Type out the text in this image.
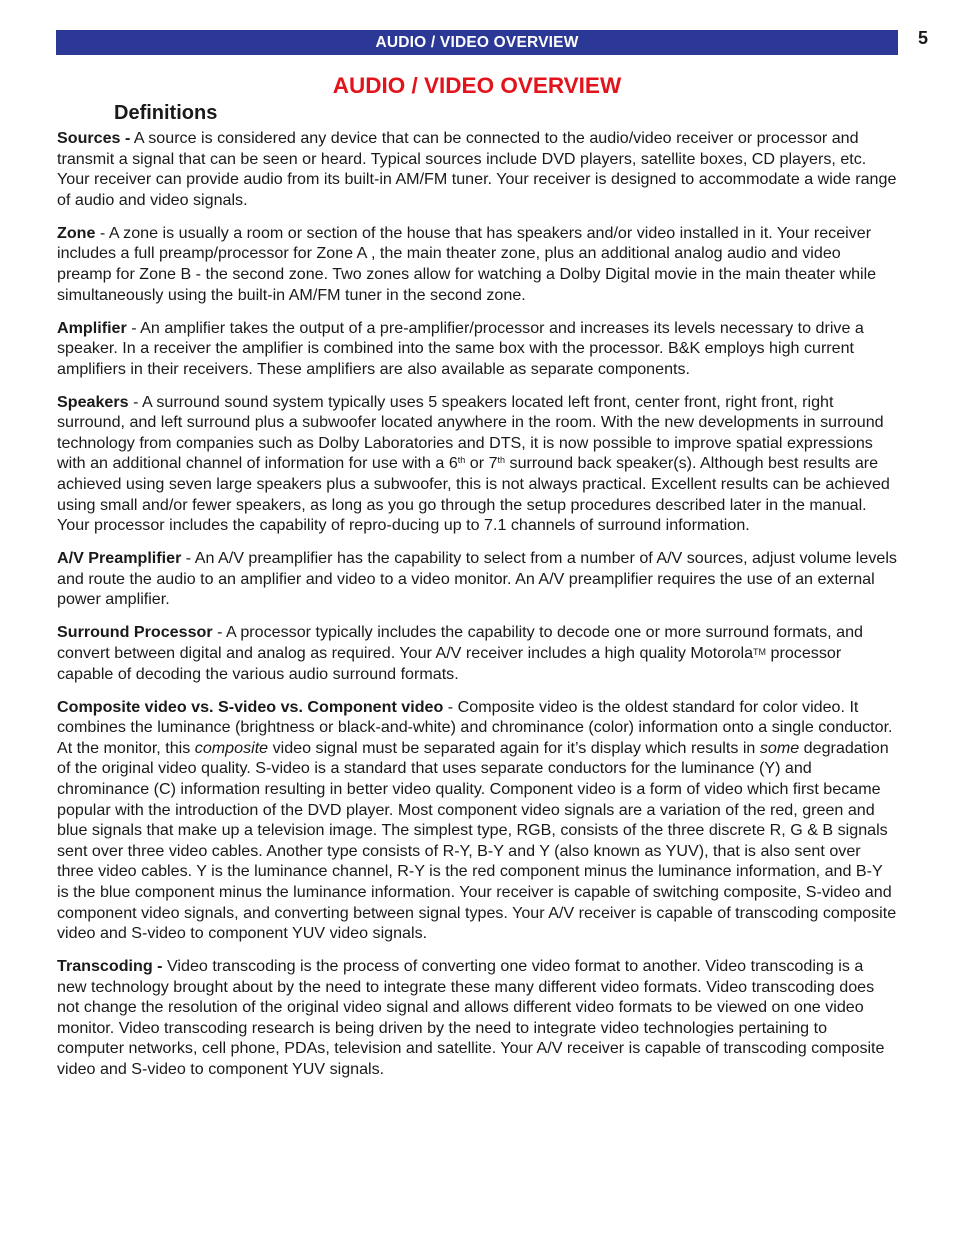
AUDIO / VIDEO OVERVIEW	5
AUDIO / VIDEO OVERVIEW
Definitions

Sources - A source is considered any device that can be connected to the audio/video receiver or processor and transmit a signal that can be seen or heard. Typical sources include DVD players, satellite boxes, CD players, etc. Your receiver can provide audio from its built-in AM/FM tuner. Your receiver is designed to accommodate a wide range of audio and video signals.

Zone - A zone is usually a room or section of the house that has speakers and/or video installed in it. Your receiver includes a full preamp/processor for Zone A , the main theater zone, plus an additional analog audio and video preamp for Zone B - the second zone. Two zones allow for watching a Dolby Digital movie in the main theater while simultaneously using the built-in AM/FM tuner in the second zone.

Amplifier - An amplifier takes the output of a pre-amplifier/processor and increases its levels necessary to drive a speaker. In a receiver the amplifier is combined into the same box with the processor. B&K employs high current amplifiers in their receivers. These amplifiers are also available as separate components.

Speakers - A surround sound system typically uses 5 speakers located left front, center front, right front, right surround, and left surround plus a subwoofer located anywhere in the room. With the new developments in surround technology from companies such as Dolby Laboratories and DTS, it is now possible to improve spatial expressions with an additional channel of information for use with a 6th or 7th surround back speaker(s). Although best results are achieved using seven large speakers plus a subwoofer, this is not always practical. Excellent results can be achieved using small and/or fewer speakers, as long as you go through the setup procedures described later in the manual. Your processor includes the capability of repro-ducing up to 7.1 channels of surround information.

A/V Preamplifier - An A/V preamplifier has the capability to select from a number of A/V sources, adjust volume levels and route the audio to an amplifier and video to a video monitor. An A/V preamplifier requires the use of an external power amplifier.

Surround Processor - A processor typically includes the capability to decode one or more surround formats, and convert between digital and analog as required. Your A/V receiver includes a high quality MotorolaTM processor capable of decoding the various audio surround formats.

Composite video vs. S-video vs. Component video - Composite video is the oldest standard for color video. It combines the luminance (brightness or black-and-white) and chrominance (color) information onto a single conductor. At the monitor, this composite video signal must be separated again for it’s display which results in some degradation of the original video quality. S-video is a standard that uses separate conductors for the luminance (Y) and chrominance (C) information resulting in better video quality. Component video is a form of video which first became popular with the introduction of the DVD player. Most component video signals are a variation of the red, green and blue signals that make up a television image. The simplest type, RGB, consists of the three discrete R, G & B signals sent over three video cables. Another type consists of R-Y, B-Y and Y (also known as YUV), that is also sent over three video cables. Y is the luminance channel, R-Y is the red component minus the luminance information, and B-Y is the blue component minus the luminance information. Your receiver is capable of switching composite, S-video and component video signals, and converting between signal types. Your A/V receiver is capable of transcoding composite video and S-video to component YUV video signals.

Transcoding - Video transcoding is the process of converting one video format to another. Video transcoding is a new technology brought about by the need to integrate these many different video formats. Video transcoding does not change the resolution of the original video signal and allows different video formats to be viewed on one video monitor. Video transcoding research is being driven by the need to integrate video technologies pertaining to computer networks, cell phone, PDAs, television and satellite. Your A/V receiver is capable of transcoding composite video and S-video to component YUV signals.
